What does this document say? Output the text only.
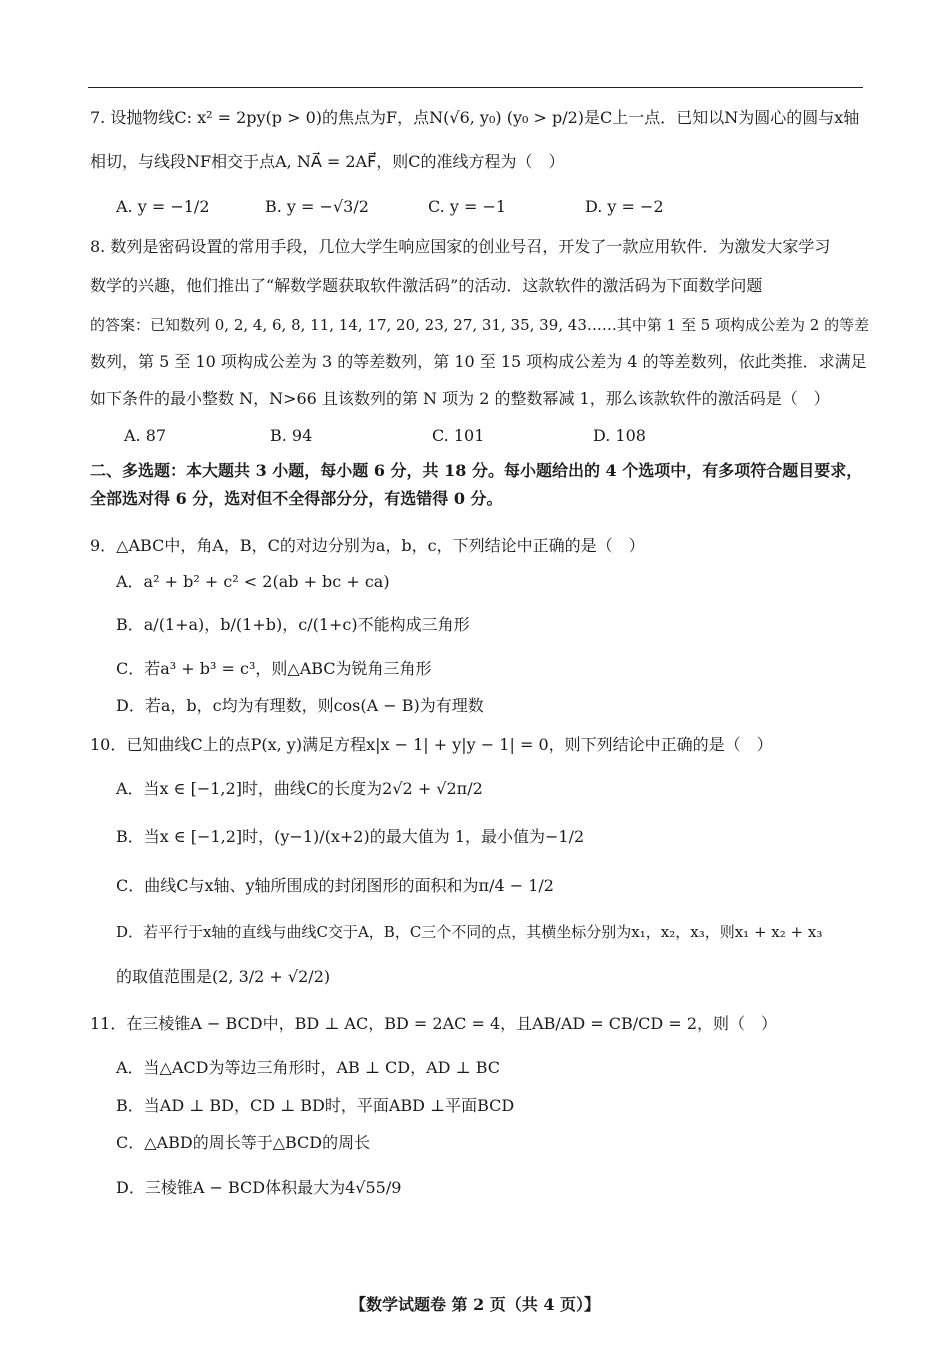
7. 设抛物线C: x² = 2py(p > 0)的焦点为F，点N(√6, y₀) (y₀ > p/2)是C上一点．已知以N为圆心的圆与x轴
相切，与线段NF相交于点A, NA⃗ = 2AF⃗，则C的准线方程为（　）
A. y = −1/2	B. y = −√3/2	C. y = −1	D. y = −2
8. 数列是密码设置的常用手段，几位大学生响应国家的创业号召，开发了一款应用软件．为激发大家学习
数学的兴趣，他们推出了“解数学题获取软件激活码”的活动．这款软件的激活码为下面数学问题
的答案：已知数列 0, 2, 4, 6, 8, 11, 14, 17, 20, 23, 27, 31, 35, 39, 43……其中第 1 至 5 项构成公差为 2 的等差
数列，第 5 至 10 项构成公差为 3 的等差数列，第 10 至 15 项构成公差为 4 的等差数列，依此类推．求满足
如下条件的最小整数 N，N>66 且该数列的第 N 项为 2 的整数幂减 1，那么该款软件的激活码是（　）
A. 87	B. 94	C. 101	D. 108
二、多选题：本大题共 3 小题，每小题 6 分，共 18 分。每小题给出的 4 个选项中，有多项符合题目要求，
全部选对得 6 分，选对但不全得部分分，有选错得 0 分。
9．△ABC中，角A，B，C的对边分别为a，b，c，下列结论中正确的是（　）
A．a² + b² + c² < 2(ab + bc + ca)
B．a/(1+a)，b/(1+b)，c/(1+c)不能构成三角形
C．若a³ + b³ = c³，则△ABC为锐角三角形
D．若a，b，c均为有理数，则cos(A − B)为有理数
10．已知曲线C上的点P(x, y)满足方程x|x − 1| + y|y − 1| = 0，则下列结论中正确的是（　）
A．当x ∈ [−1,2]时，曲线C的长度为2√2 + √2π/2
B．当x ∈ [−1,2]时，(y−1)/(x+2)的最大值为 1，最小值为−1/2
C．曲线C与x轴、y轴所围成的封闭图形的面积和为π/4 − 1/2
D．若平行于x轴的直线与曲线C交于A，B，C三个不同的点，其横坐标分别为x₁，x₂，x₃，则x₁ + x₂ + x₃
的取值范围是(2, 3/2 + √2/2)
11．在三棱锥A − BCD中，BD ⊥ AC，BD = 2AC = 4，且AB/AD = CB/CD = 2，则（　）
A．当△ACD为等边三角形时，AB ⊥ CD，AD ⊥ BC
B．当AD ⊥ BD，CD ⊥ BD时，平面ABD ⊥平面BCD
C．△ABD的周长等于△BCD的周长
D．三棱锥A − BCD体积最大为4√55/9
【数学试题卷 第 2 页（共 4 页）】
